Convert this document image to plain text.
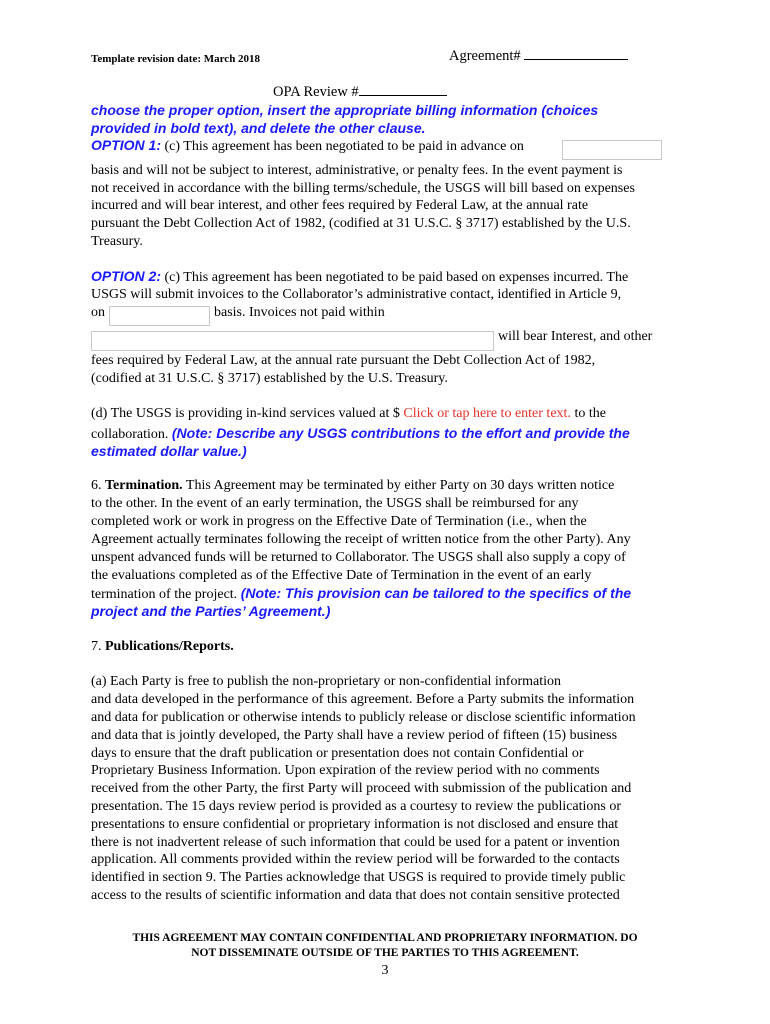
Template revision date: March 2018	Agreement#
OPA Review #
choose the proper option, insert the appropriate billing information (choices
provided in bold text), and delete the other clause.
OPTION 1: (c) This agreement has been negotiated to be paid in advance on
basis and will not be subject to interest, administrative, or penalty fees. In the event payment is
not received in accordance with the billing terms/schedule, the USGS will bill based on expenses
incurred and will bear interest, and other fees required by Federal Law, at the annual rate
pursuant the Debt Collection Act of 1982, (codified at 31 U.S.C. § 3717) established by the U.S.
Treasury.
OPTION 2: (c) This agreement has been negotiated to be paid based on expenses incurred. The
USGS will submit invoices to the Collaborator’s administrative contact, identified in Article 9,
on	basis. Invoices not paid within
will bear Interest, and other
fees required by Federal Law, at the annual rate pursuant the Debt Collection Act of 1982,
(codified at 31 U.S.C. § 3717) established by the U.S. Treasury.
(d) The USGS is providing in-kind services valued at $ Click or tap here to enter text. to the
collaboration. (Note: Describe any USGS contributions to the effort and provide the
estimated dollar value.)
6. Termination. This Agreement may be terminated by either Party on 30 days written notice
to the other. In the event of an early termination, the USGS shall be reimbursed for any
completed work or work in progress on the Effective Date of Termination (i.e., when the
Agreement actually terminates following the receipt of written notice from the other Party). Any
unspent advanced funds will be returned to Collaborator. The USGS shall also supply a copy of
the evaluations completed as of the Effective Date of Termination in the event of an early
termination of the project. (Note: This provision can be tailored to the specifics of the
project and the Parties’ Agreement.)
7. Publications/Reports.
(a) Each Party is free to publish the non-proprietary or non-confidential information
and data developed in the performance of this agreement. Before a Party submits the information
and data for publication or otherwise intends to publicly release or disclose scientific information
and data that is jointly developed, the Party shall have a review period of fifteen (15) business
days to ensure that the draft publication or presentation does not contain Confidential or
Proprietary Business Information. Upon expiration of the review period with no comments
received from the other Party, the first Party will proceed with submission of the publication and
presentation. The 15 days review period is provided as a courtesy to review the publications or
presentations to ensure confidential or proprietary information is not disclosed and ensure that
there is not inadvertent release of such information that could be used for a patent or invention
application. All comments provided within the review period will be forwarded to the contacts
identified in section 9. The Parties acknowledge that USGS is required to provide timely public
access to the results of scientific information and data that does not contain sensitive protected
THIS AGREEMENT MAY CONTAIN CONFIDENTIAL AND PROPRIETARY INFORMATION. DO
NOT DISSEMINATE OUTSIDE OF THE PARTIES TO THIS AGREEMENT.
3
